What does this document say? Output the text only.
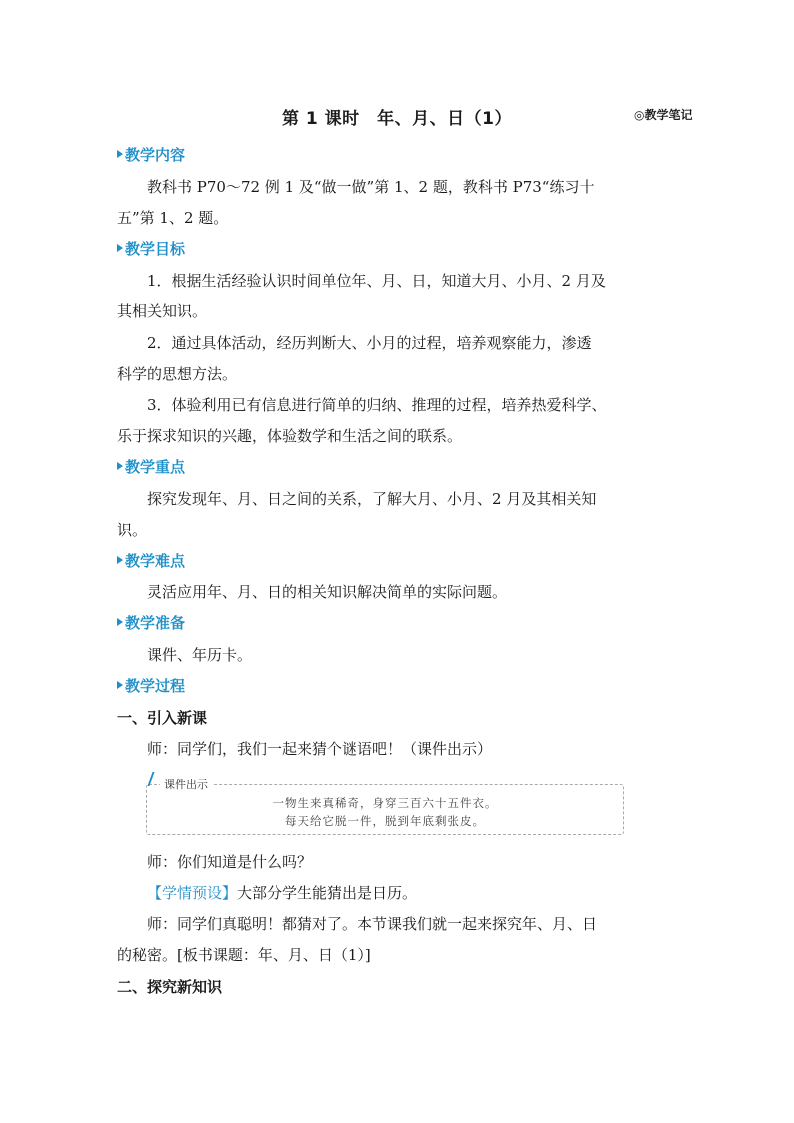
第 1 课时　年、月、日（1）	◎教学笔记
教学内容
教科书 P70～72 例 1 及“做一做”第 1、2 题，教科书 P73“练习十
五”第 1、2 题。
教学目标
1．根据生活经验认识时间单位年、月、日，知道大月、小月、2 月及
其相关知识。
2．通过具体活动，经历判断大、小月的过程，培养观察能力，渗透
科学的思想方法。
3．体验利用已有信息进行简单的归纳、推理的过程，培养热爱科学、
乐于探求知识的兴趣，体验数学和生活之间的联系。
教学重点
探究发现年、月、日之间的关系，了解大月、小月、2 月及其相关知
识。
教学难点
灵活应用年、月、日的相关知识解决简单的实际问题。
教学准备
课件、年历卡。
教学过程
一、引入新课
师：同学们，我们一起来猜个谜语吧！（课件出示）
课件出示
一物生来真稀奇，身穿三百六十五件衣。
每天给它脱一件，脱到年底剩张皮。
师：你们知道是什么吗？
【学情预设】大部分学生能猜出是日历。
师：同学们真聪明！都猜对了。本节课我们就一起来探究年、月、日
的秘密。[板书课题：年、月、日（1）]
二、探究新知识
